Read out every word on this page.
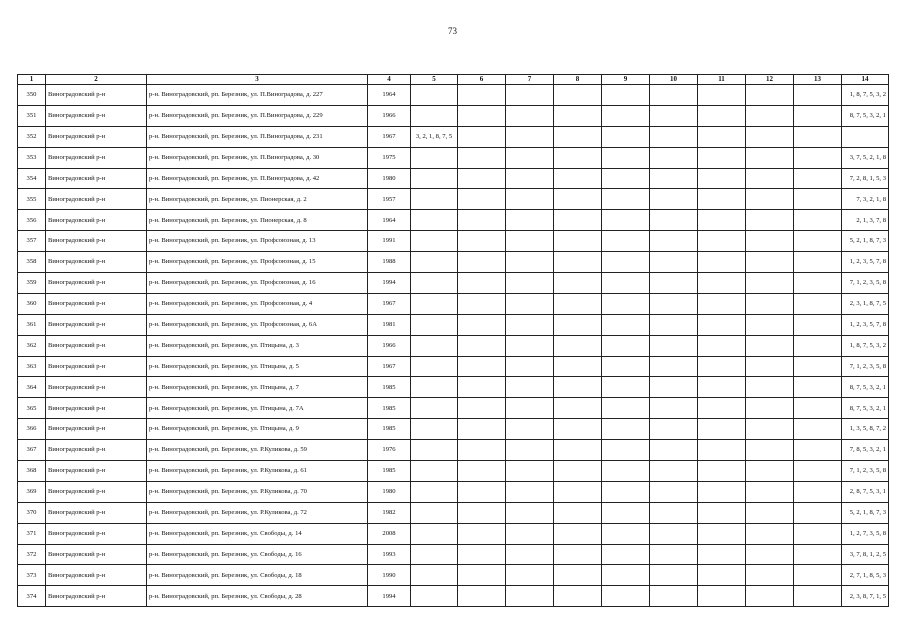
73
1	2	3	4	5	6	7	8	9	10	11	12	13	14
350	Виноградовский р-н	р-н. Виноградовский, рп. Березник, ул. П.Виноградова, д. 227	1964										1, 8, 7, 5, 3, 2
351	Виноградовский р-н	р-н. Виноградовский, рп. Березник, ул. П.Виноградова, д. 229	1966										8, 7, 5, 3, 2, 1
352	Виноградовский р-н	р-н. Виноградовский, рп. Березник, ул. П.Виноградова, д. 231	1967	3, 2, 1, 8, 7, 5									
353	Виноградовский р-н	р-н. Виноградовский, рп. Березник, ул. П.Виноградова, д. 30	1975										3, 7, 5, 2, 1, 8
354	Виноградовский р-н	р-н. Виноградовский, рп. Березник, ул. П.Виноградова, д. 42	1980										7, 2, 8, 1, 5, 3
355	Виноградовский р-н	р-н. Виноградовский, рп. Березник, ул. Пионерская, д. 2	1957										7, 3, 2, 1, 8
356	Виноградовский р-н	р-н. Виноградовский, рп. Березник, ул. Пионерская, д. 8	1964										2, 1, 3, 7, 8
357	Виноградовский р-н	р-н. Виноградовский, рп. Березник, ул. Профсоюзная, д. 13	1991										5, 2, 1, 8, 7, 3
358	Виноградовский р-н	р-н. Виноградовский, рп. Березник, ул. Профсоюзная, д. 15	1988										1, 2, 3, 5, 7, 8
359	Виноградовский р-н	р-н. Виноградовский, рп. Березник, ул. Профсоюзная, д. 16	1994										7, 1, 2, 3, 5, 8
360	Виноградовский р-н	р-н. Виноградовский, рп. Березник, ул. Профсоюзная, д. 4	1967										2, 3, 1, 8, 7, 5
361	Виноградовский р-н	р-н. Виноградовский, рп. Березник, ул. Профсоюзная, д. 6А	1981										1, 2, 3, 5, 7, 8
362	Виноградовский р-н	р-н. Виноградовский, рп. Березник, ул. Птицына, д. 3	1966										1, 8, 7, 5, 3, 2
363	Виноградовский р-н	р-н. Виноградовский, рп. Березник, ул. Птицына, д. 5	1967										7, 1, 2, 3, 5, 8
364	Виноградовский р-н	р-н. Виноградовский, рп. Березник, ул. Птицына, д. 7	1985										8, 7, 5, 3, 2, 1
365	Виноградовский р-н	р-н. Виноградовский, рп. Березник, ул. Птицына, д. 7А	1985										8, 7, 5, 3, 2, 1
366	Виноградовский р-н	р-н. Виноградовский, рп. Березник, ул. Птицына, д. 9	1985										1, 3, 5, 8, 7, 2
367	Виноградовский р-н	р-н. Виноградовский, рп. Березник, ул. Р.Куликова, д. 59	1976										7, 8, 5, 3, 2, 1
368	Виноградовский р-н	р-н. Виноградовский, рп. Березник, ул. Р.Куликова, д. 61	1985										7, 1, 2, 3, 5, 8
369	Виноградовский р-н	р-н. Виноградовский, рп. Березник, ул. Р.Куликова, д. 70	1980										2, 8, 7, 5, 3, 1
370	Виноградовский р-н	р-н. Виноградовский, рп. Березник, ул. Р.Куликова, д. 72	1982										5, 2, 1, 8, 7, 3
371	Виноградовский р-н	р-н. Виноградовский, рп. Березник, ул. Свободы, д. 14	2008										1, 2, 7, 3, 5, 8
372	Виноградовский р-н	р-н. Виноградовский, рп. Березник, ул. Свободы, д. 16	1993										3, 7, 8, 1, 2, 5
373	Виноградовский р-н	р-н. Виноградовский, рп. Березник, ул. Свободы, д. 18	1990										2, 7, 1, 8, 5, 3
374	Виноградовский р-н	р-н. Виноградовский, рп. Березник, ул. Свободы, д. 28	1994										2, 3, 8, 7, 1, 5
